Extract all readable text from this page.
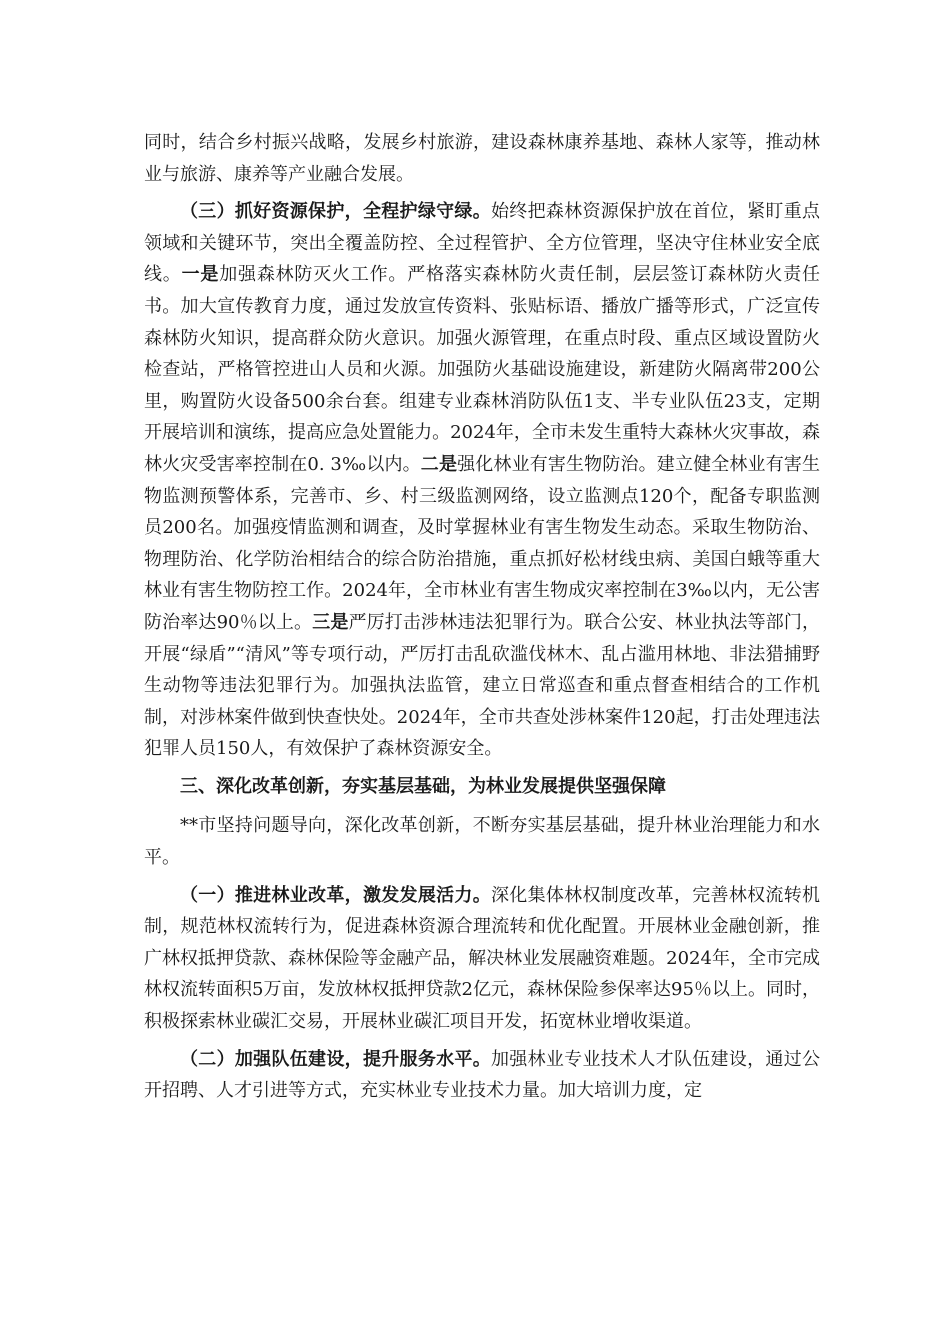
同时，结合乡村振兴战略，发展乡村旅游，建设森林康养基地、森林人家等，推动林业与旅游、康养等产业融合发展。

（三）抓好资源保护，全程护绿守绿。始终把森林资源保护放在首位，紧盯重点领域和关键环节，突出全覆盖防控、全过程管护、全方位管理，坚决守住林业安全底线。一是加强森林防灭火工作。严格落实森林防火责任制，层层签订森林防火责任书。加大宣传教育力度，通过发放宣传资料、张贴标语、播放广播等形式，广泛宣传森林防火知识，提高群众防火意识。加强火源管理，在重点时段、重点区域设置防火检查站，严格管控进山人员和火源。加强防火基础设施建设，新建防火隔离带200公里，购置防火设备500余台套。组建专业森林消防队伍1支、半专业队伍23支，定期开展培训和演练，提高应急处置能力。2024年，全市未发生重特大森林火灾事故，森林火灾受害率控制在0. 3‰以内。二是强化林业有害生物防治。建立健全林业有害生物监测预警体系，完善市、乡、村三级监测网络，设立监测点120个，配备专职监测员200名。加强疫情监测和调查，及时掌握林业有害生物发生动态。采取生物防治、物理防治、化学防治相结合的综合防治措施，重点抓好松材线虫病、美国白蛾等重大林业有害生物防控工作。2024年，全市林业有害生物成灾率控制在3‰以内，无公害防治率达90％以上。三是严厉打击涉林违法犯罪行为。联合公安、林业执法等部门，开展“绿盾”“清风”等专项行动，严厉打击乱砍滥伐林木、乱占滥用林地、非法猎捕野生动物等违法犯罪行为。加强执法监管，建立日常巡查和重点督查相结合的工作机制，对涉林案件做到快查快处。2024年，全市共查处涉林案件120起，打击处理违法犯罪人员150人，有效保护了森林资源安全。

三、深化改革创新，夯实基层基础，为林业发展提供坚强保障

**市坚持问题导向，深化改革创新，不断夯实基层基础，提升林业治理能力和水平。

（一）推进林业改革，激发发展活力。深化集体林权制度改革，完善林权流转机制，规范林权流转行为，促进森林资源合理流转和优化配置。开展林业金融创新，推广林权抵押贷款、森林保险等金融产品，解决林业发展融资难题。2024年，全市完成林权流转面积5万亩，发放林权抵押贷款2亿元，森林保险参保率达95％以上。同时，积极探索林业碳汇交易，开展林业碳汇项目开发，拓宽林业增收渠道。

（二）加强队伍建设，提升服务水平。加强林业专业技术人才队伍建设，通过公开招聘、人才引进等方式，充实林业专业技术力量。加大培训力度，定
